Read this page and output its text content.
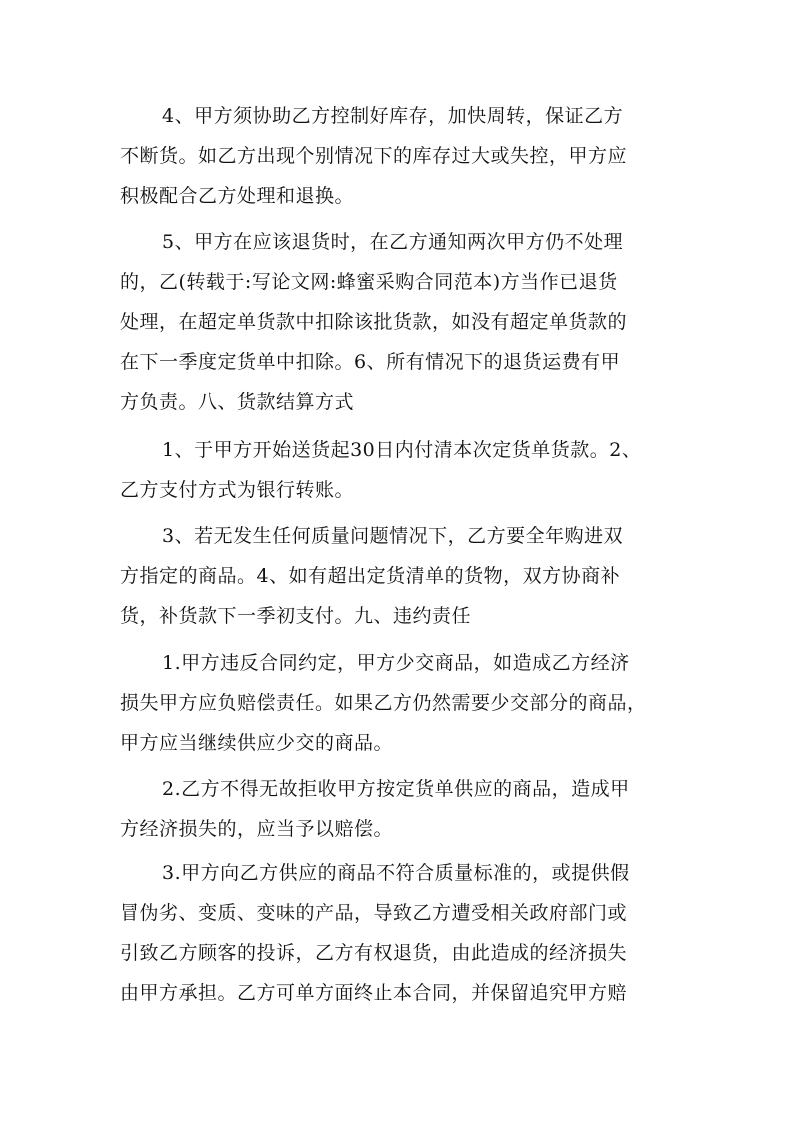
4、甲方须协助乙方控制好库存，加快周转，保证乙方
不断货。如乙方出现个别情况下的库存过大或失控，甲方应
积极配合乙方处理和退换。
5、甲方在应该退货时，在乙方通知两次甲方仍不处理
的，乙(转载于:写论文网:蜂蜜采购合同范本)方当作已退货
处理，在超定单货款中扣除该批货款，如没有超定单货款的
在下一季度定货单中扣除。6、所有情况下的退货运费有甲
方负责。八、货款结算方式
1、于甲方开始送货起30日内付清本次定货单货款。2、
乙方支付方式为银行转账。
3、若无发生任何质量问题情况下，乙方要全年购进双
方指定的商品。4、如有超出定货清单的货物，双方协商补
货，补货款下一季初支付。九、违约责任
1.甲方违反合同约定，甲方少交商品，如造成乙方经济
损失甲方应负赔偿责任。如果乙方仍然需要少交部分的商品，
甲方应当继续供应少交的商品。
2.乙方不得无故拒收甲方按定货单供应的商品，造成甲
方经济损失的，应当予以赔偿。
3.甲方向乙方供应的商品不符合质量标准的，或提供假
冒伪劣、变质、变味的产品，导致乙方遭受相关政府部门或
引致乙方顾客的投诉，乙方有权退货，由此造成的经济损失
由甲方承担。乙方可单方面终止本合同，并保留追究甲方赔
